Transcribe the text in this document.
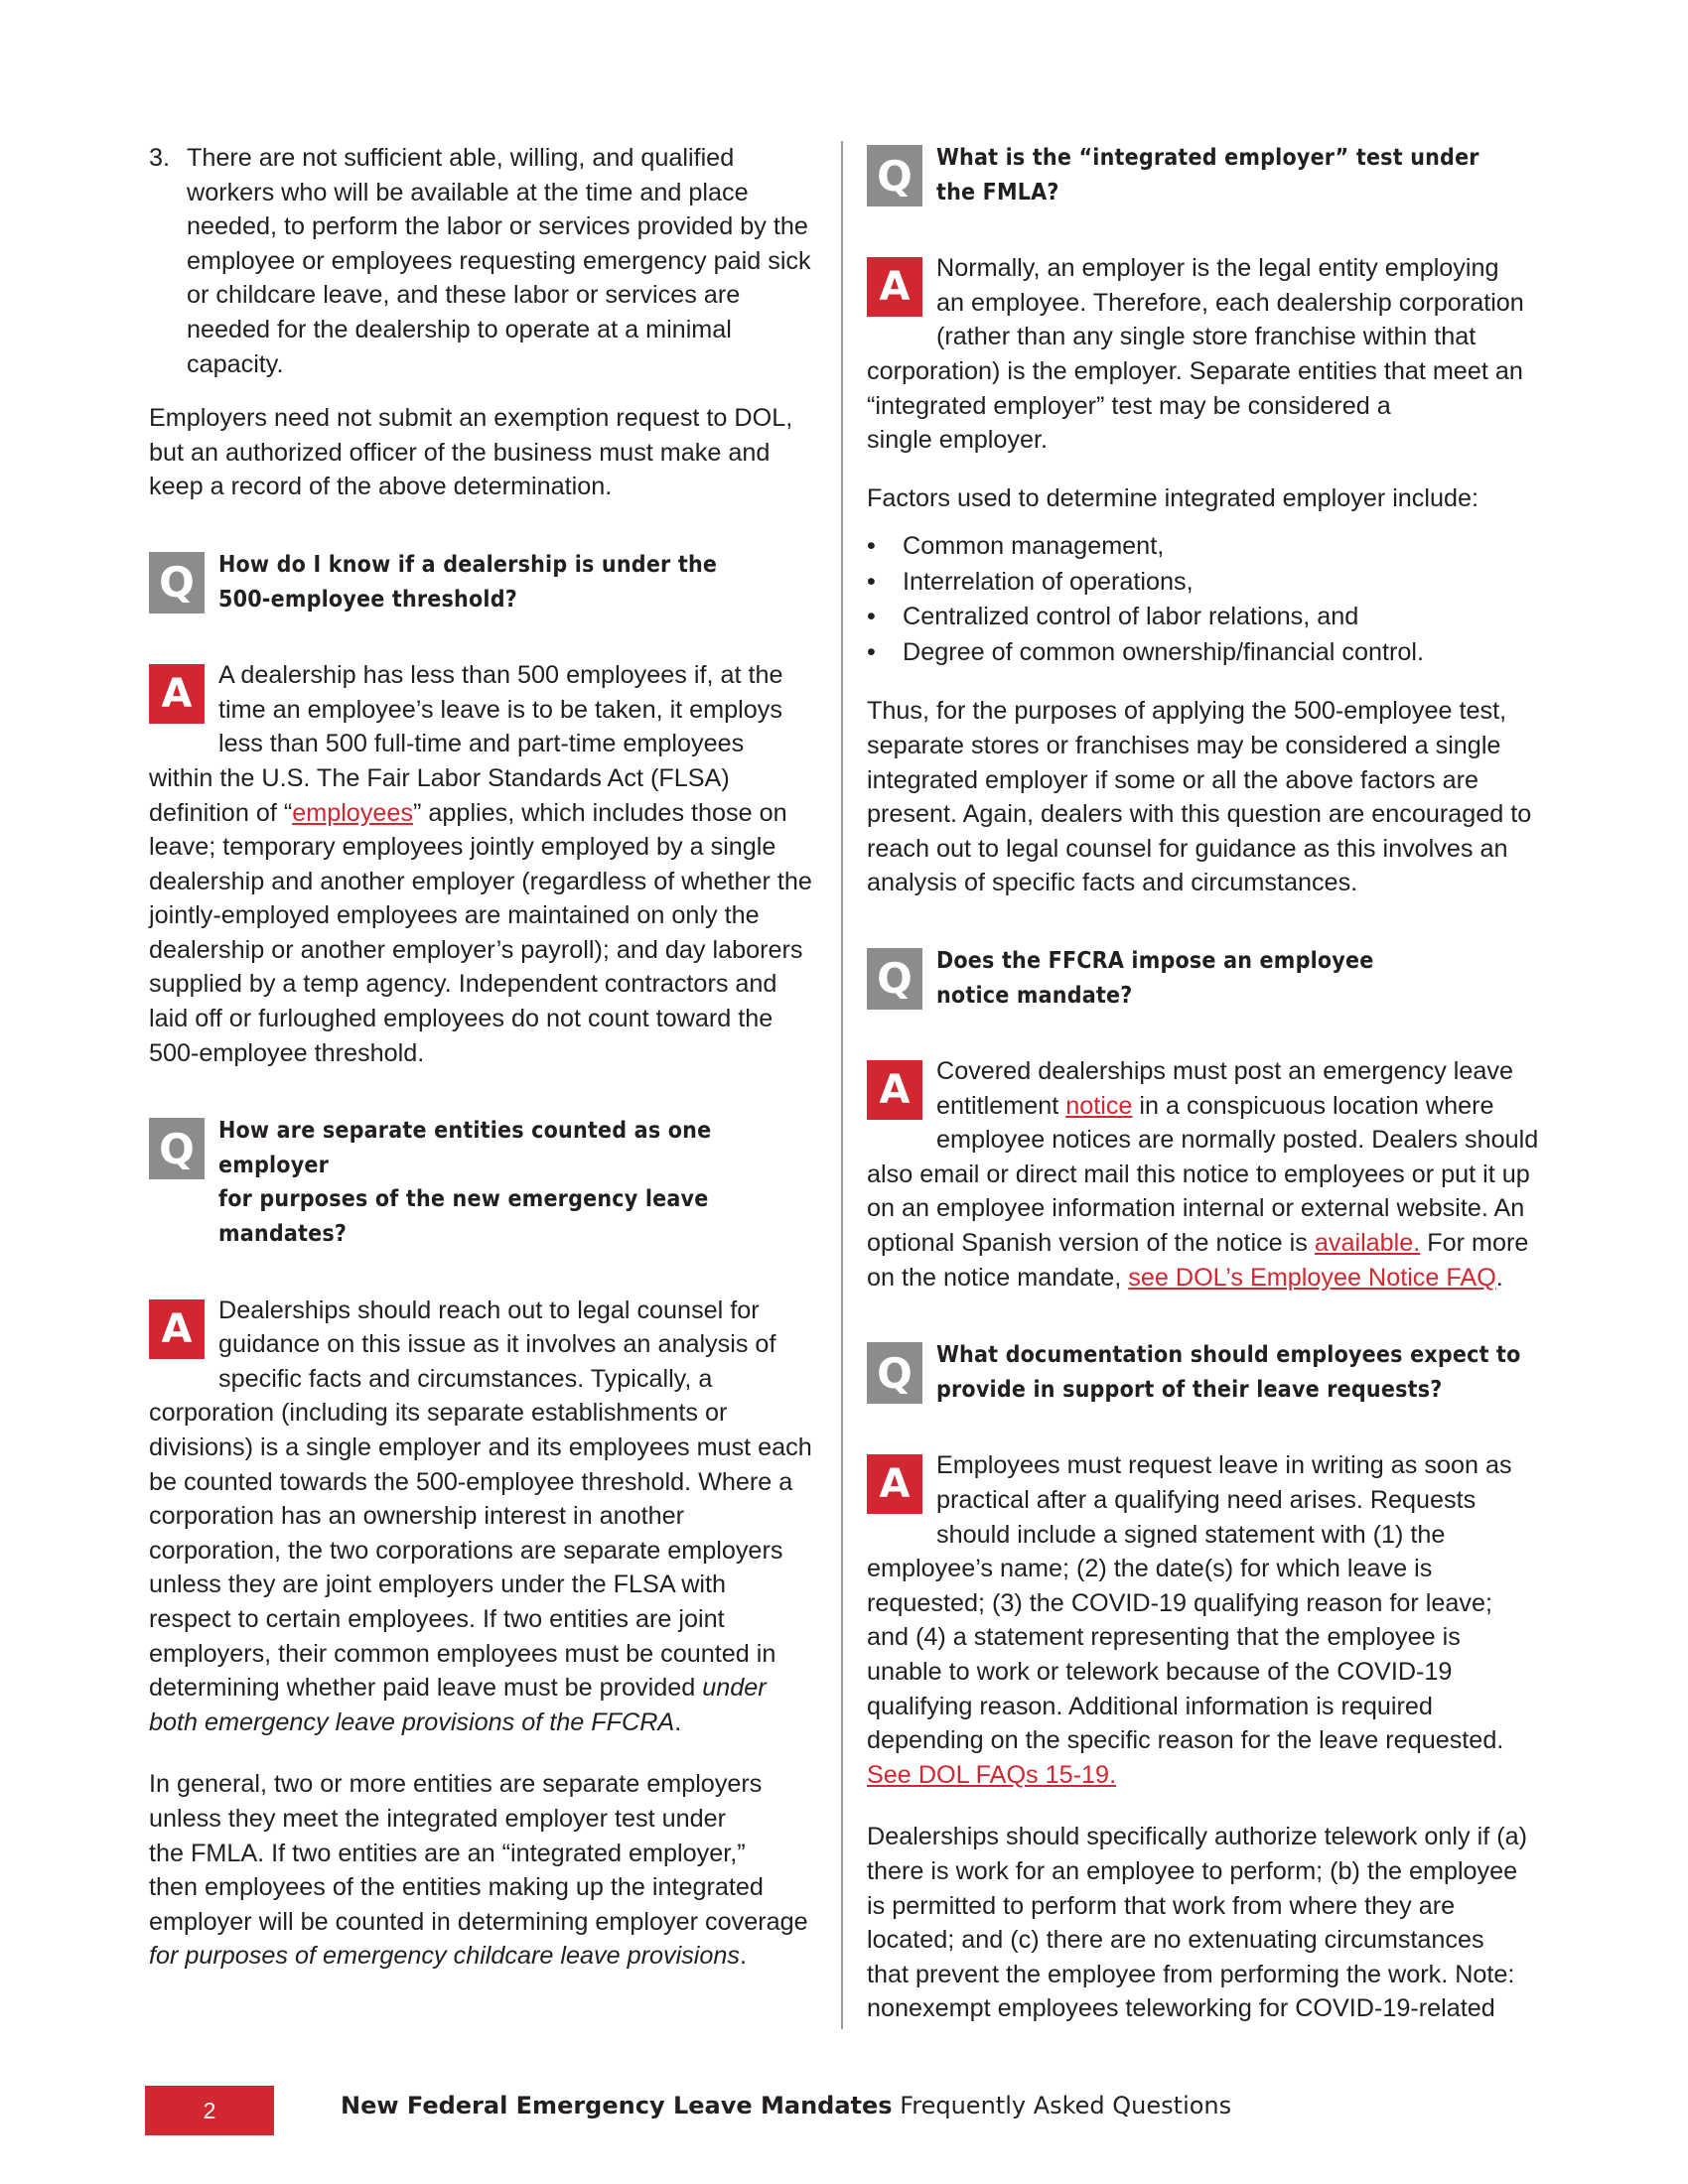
3. There are not sufficient able, willing, and qualified workers who will be available at the time and place needed, to perform the labor or services provided by the employee or employees requesting emergency paid sick or childcare leave, and these labor or services are needed for the dealership to operate at a minimal capacity.

Employers need not submit an exemption request to DOL, but an authorized officer of the business must make and keep a record of the above determination.

Q	How do I know if a dealership is under the
500-employee threshold?
A	A dealership has less than 500 employees if, at the
time an employee’s leave is to be taken, it employs
less than 500 full-time and part-time employees
within the U.S. The Fair Labor Standards Act (FLSA)
definition of “employees” applies, which includes those on
leave; temporary employees jointly employed by a single
dealership and another employer (regardless of whether the
jointly-employed employees are maintained on only the
dealership or another employer’s payroll); and day laborers
supplied by a temp agency. Independent contractors and
laid off or furloughed employees do not count toward the
500-employee threshold.
Q	How are separate entities counted as one employer
for purposes of the new emergency leave mandates?
A	Dealerships should reach out to legal counsel for
guidance on this issue as it involves an analysis of
specific facts and circumstances. Typically, a
corporation (including its separate establishments or
divisions) is a single employer and its employees must each
be counted towards the 500-employee threshold. Where a
corporation has an ownership interest in another
corporation, the two corporations are separate employers
unless they are joint employers under the FLSA with
respect to certain employees. If two entities are joint
employers, their common employees must be counted in
determining whether paid leave must be provided under
both emergency leave provisions of the FFCRA.
In general, two or more entities are separate employers
unless they meet the integrated employer test under
the FMLA. If two entities are an “integrated employer,”
then employees of the entities making up the integrated
employer will be counted in determining employer coverage
for purposes of emergency childcare leave provisions.
Q	What is the “integrated employer” test under
the FMLA?
A	Normally, an employer is the legal entity employing
an employee. Therefore, each dealership corporation
(rather than any single store franchise within that
corporation) is the employer. Separate entities that meet an
“integrated employer” test may be considered a
single employer.

Factors used to determine integrated employer include:

•	Common management,
•	Interrelation of operations,
•	Centralized control of labor relations, and
•	Degree of common ownership/financial control.
Thus, for the purposes of applying the 500-employee test,
separate stores or franchises may be considered a single
integrated employer if some or all the above factors are
present. Again, dealers with this question are encouraged to
reach out to legal counsel for guidance as this involves an
analysis of specific facts and circumstances.
Q	Does the FFCRA impose an employee
notice mandate?
A	Covered dealerships must post an emergency leave
entitlement notice in a conspicuous location where
employee notices are normally posted. Dealers should
also email or direct mail this notice to employees or put it up
on an employee information internal or external website. An
optional Spanish version of the notice is available. For more
on the notice mandate, see DOL’s Employee Notice FAQ.
Q	What documentation should employees expect to
provide in support of their leave requests?
A	Employees must request leave in writing as soon as
practical after a qualifying need arises. Requests
should include a signed statement with (1) the
employee’s name; (2) the date(s) for which leave is
requested; (3) the COVID-19 qualifying reason for leave;
and (4) a statement representing that the employee is
unable to work or telework because of the COVID-19
qualifying reason. Additional information is required
depending on the specific reason for the leave requested.
See DOL FAQs 15-19.
Dealerships should specifically authorize telework only if (a)
there is work for an employee to perform; (b) the employee
is permitted to perform that work from where they are
located; and (c) there are no extenuating circumstances
that prevent the employee from performing the work. Note:
nonexempt employees teleworking for COVID-19-related
2	New Federal Emergency Leave Mandates Frequently Asked Questions
